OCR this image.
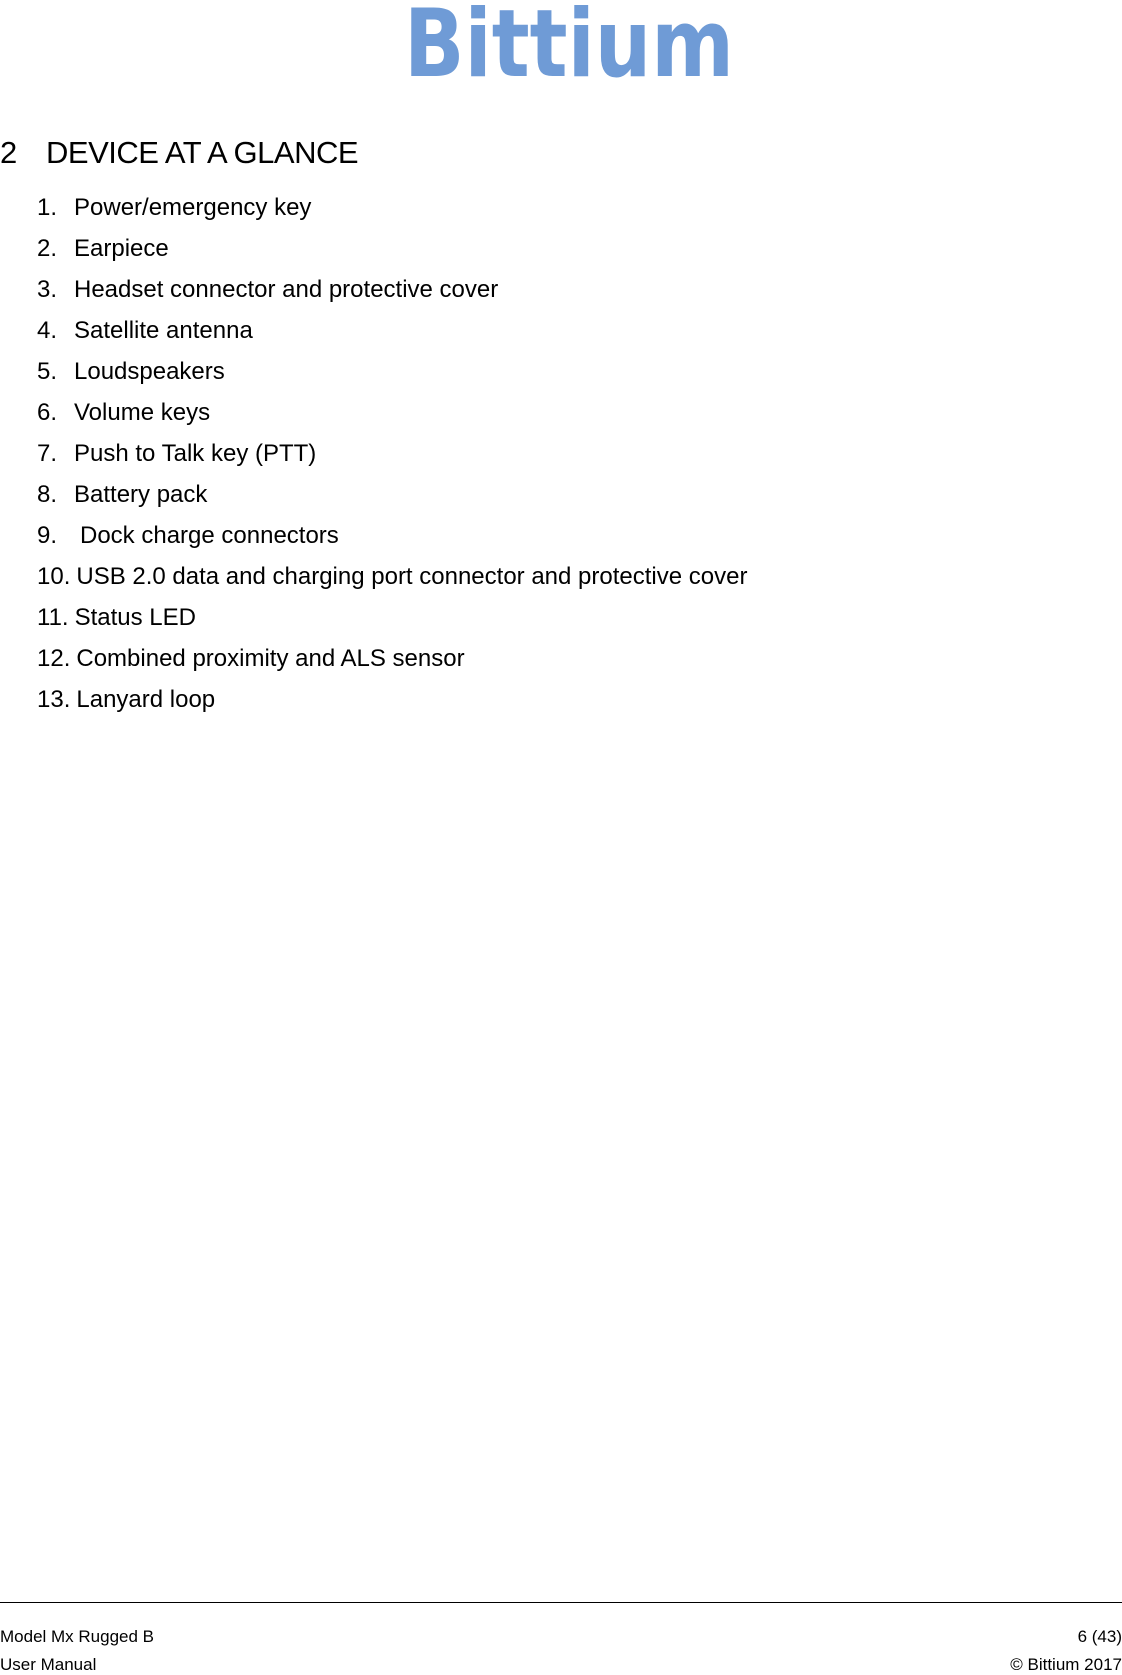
Bittium
2 DEVICE AT A GLANCE
1. Power/emergency key
2. Earpiece
3. Headset connector and protective cover
4. Satellite antenna
5. Loudspeakers
6. Volume keys
7. Push to Talk key (PTT)
8. Battery pack
9. Dock charge connectors
10. USB 2.0 data and charging port connector and protective cover
11. Status LED
12. Combined proximity and ALS sensor
13. Lanyard loop
Model Mx Rugged B
User Manual
6 (43)
© Bittium 2017
